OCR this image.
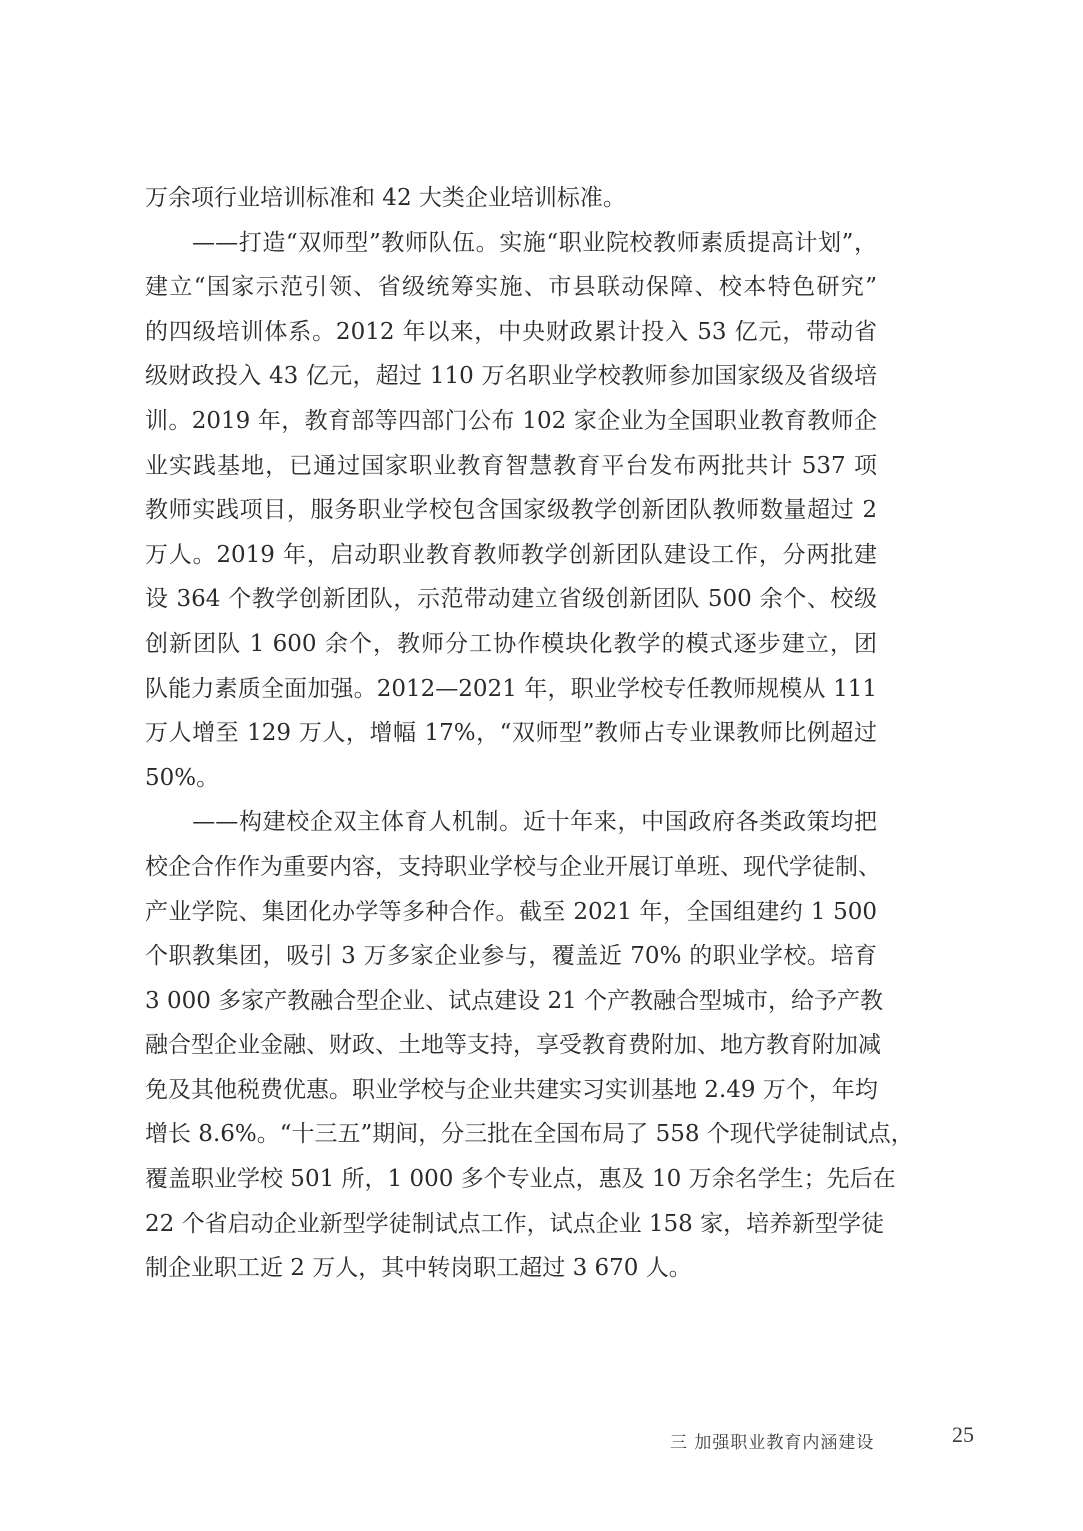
万余项行业培训标准和 42 大类企业培训标准。
　　——打造“双师型”教师队伍。实施“职业院校教师素质提高计划”，
建立“国家示范引领、省级统筹实施、市县联动保障、校本特色研究”
的四级培训体系。2012 年以来，中央财政累计投入 53 亿元，带动省
级财政投入 43 亿元，超过 110 万名职业学校教师参加国家级及省级培
训。2019 年，教育部等四部门公布 102 家企业为全国职业教育教师企
业实践基地，已通过国家职业教育智慧教育平台发布两批共计 537 项
教师实践项目，服务职业学校包含国家级教学创新团队教师数量超过 2
万人。2019 年，启动职业教育教师教学创新团队建设工作，分两批建
设 364 个教学创新团队，示范带动建立省级创新团队 500 余个、校级
创新团队 1 600 余个，教师分工协作模块化教学的模式逐步建立，团
队能力素质全面加强。2012—2021 年，职业学校专任教师规模从 111
万人增至 129 万人，增幅 17%，“双师型”教师占专业课教师比例超过
50%。
　　——构建校企双主体育人机制。近十年来，中国政府各类政策均把
校企合作作为重要内容，支持职业学校与企业开展订单班、现代学徒制、
产业学院、集团化办学等多种合作。截至 2021 年，全国组建约 1 500
个职教集团，吸引 3 万多家企业参与，覆盖近 70% 的职业学校。培育
3 000 多家产教融合型企业、试点建设 21 个产教融合型城市，给予产教
融合型企业金融、财政、土地等支持，享受教育费附加、地方教育附加减
免及其他税费优惠。职业学校与企业共建实习实训基地 2.49 万个，年均
增长 8.6%。“十三五”期间，分三批在全国布局了 558 个现代学徒制试点，
覆盖职业学校 501 所，1 000 多个专业点，惠及 10 万余名学生；先后在
22 个省启动企业新型学徒制试点工作，试点企业 158 家，培养新型学徒
制企业职工近 2 万人，其中转岗职工超过 3 670 人。
三 加强职业教育内涵建设	25
